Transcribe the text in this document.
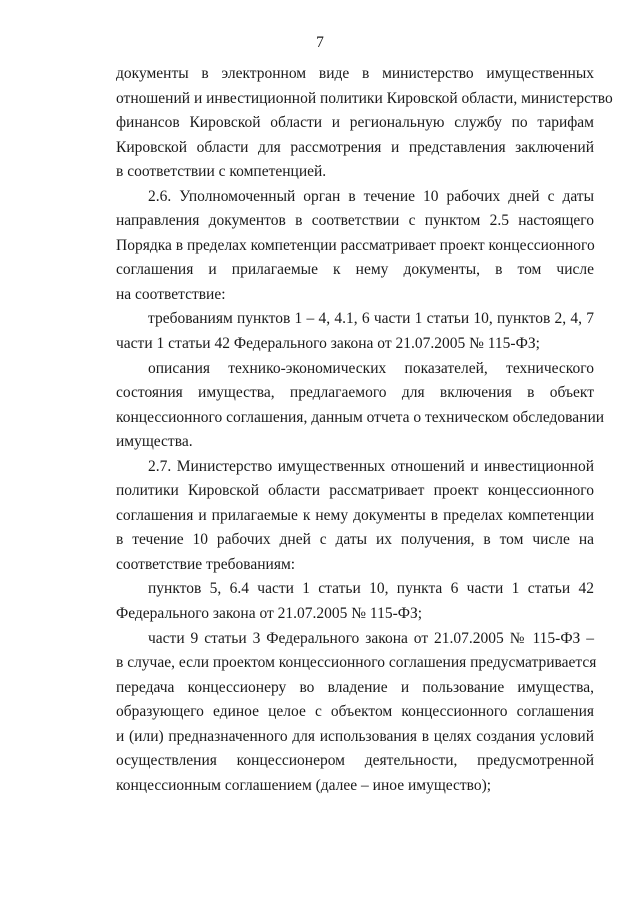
7
документы в электронном виде в министерство имущественных
отношений и инвестиционной политики Кировской области, министерство
финансов Кировской области и региональную службу по тарифам
Кировской области для рассмотрения и представления заключений
в соответствии с компетенцией.
2.6. Уполномоченный орган в течение 10 рабочих дней с даты
направления документов в соответствии с пунктом 2.5 настоящего
Порядка в пределах компетенции рассматривает проект концессионного
соглашения и прилагаемые к нему документы, в том числе
на соответствие:
требованиям пунктов 1 – 4, 4.1, 6 части 1 статьи 10, пунктов 2, 4, 7
части 1 статьи 42 Федерального закона от 21.07.2005 № 115-ФЗ;
описания технико-экономических показателей, технического
состояния имущества, предлагаемого для включения в объект
концессионного соглашения, данным отчета о техническом обследовании
имущества.
2.7. Министерство имущественных отношений и инвестиционной
политики Кировской области рассматривает проект концессионного
соглашения и прилагаемые к нему документы в пределах компетенции
в течение 10 рабочих дней с даты их получения, в том числе на
соответствие требованиям:
пунктов 5, 6.4 части 1 статьи 10, пункта 6 части 1 статьи 42
Федерального закона от 21.07.2005 № 115-ФЗ;
части 9 статьи 3 Федерального закона от 21.07.2005 № 115-ФЗ –
в случае, если проектом концессионного соглашения предусматривается
передача концессионеру во владение и пользование имущества,
образующего единое целое с объектом концессионного соглашения
и (или) предназначенного для использования в целях создания условий
осуществления концессионером деятельности, предусмотренной
концессионным соглашением (далее – иное имущество);
